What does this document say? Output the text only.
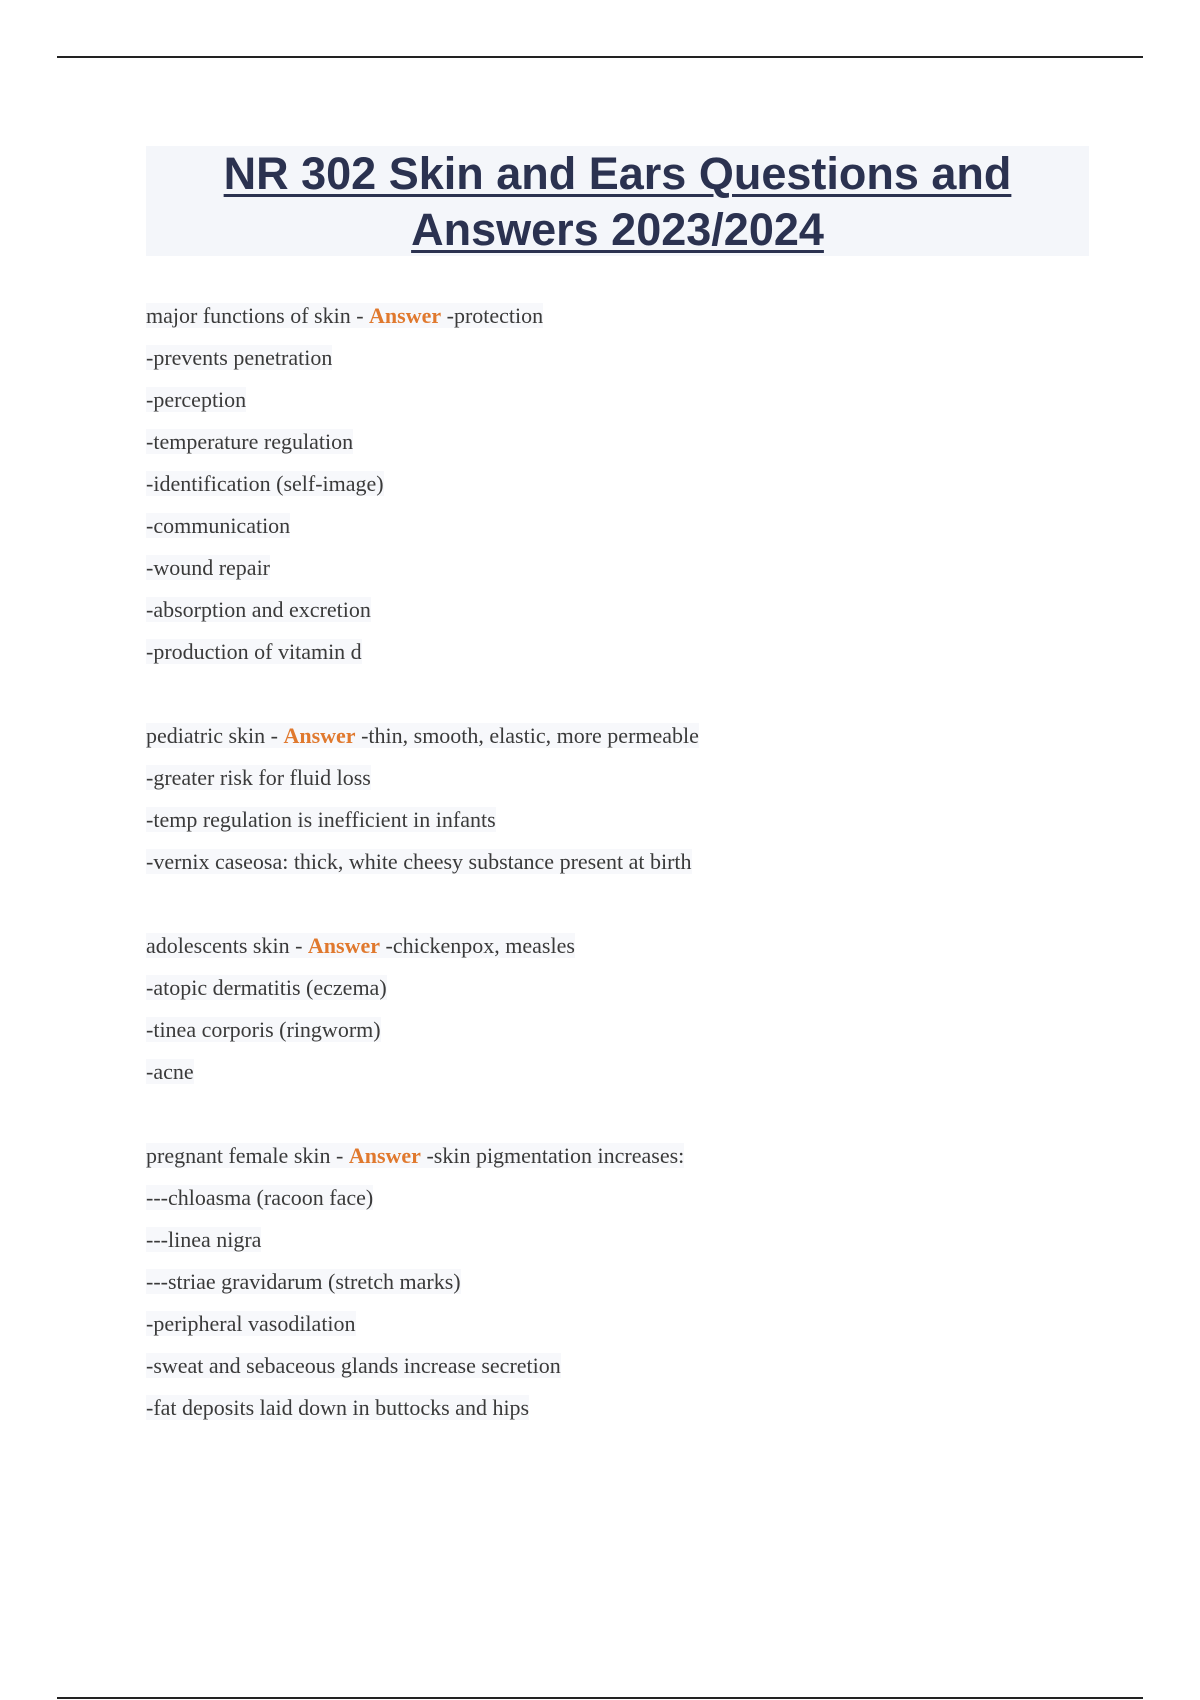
NR 302 Skin and Ears Questions and
Answers 2023/2024
major functions of skin - Answer -protection
-prevents penetration
-perception
-temperature regulation
-identification (self-image)
-communication
-wound repair
-absorption and excretion
-production of vitamin d
pediatric skin - Answer -thin, smooth, elastic, more permeable
-greater risk for fluid loss
-temp regulation is inefficient in infants
-vernix caseosa: thick, white cheesy substance present at birth
adolescents skin - Answer -chickenpox, measles
-atopic dermatitis (eczema)
-tinea corporis (ringworm)
-acne
pregnant female skin - Answer -skin pigmentation increases:
---chloasma (racoon face)
---linea nigra
---striae gravidarum (stretch marks)
-peripheral vasodilation
-sweat and sebaceous glands increase secretion
-fat deposits laid down in buttocks and hips
